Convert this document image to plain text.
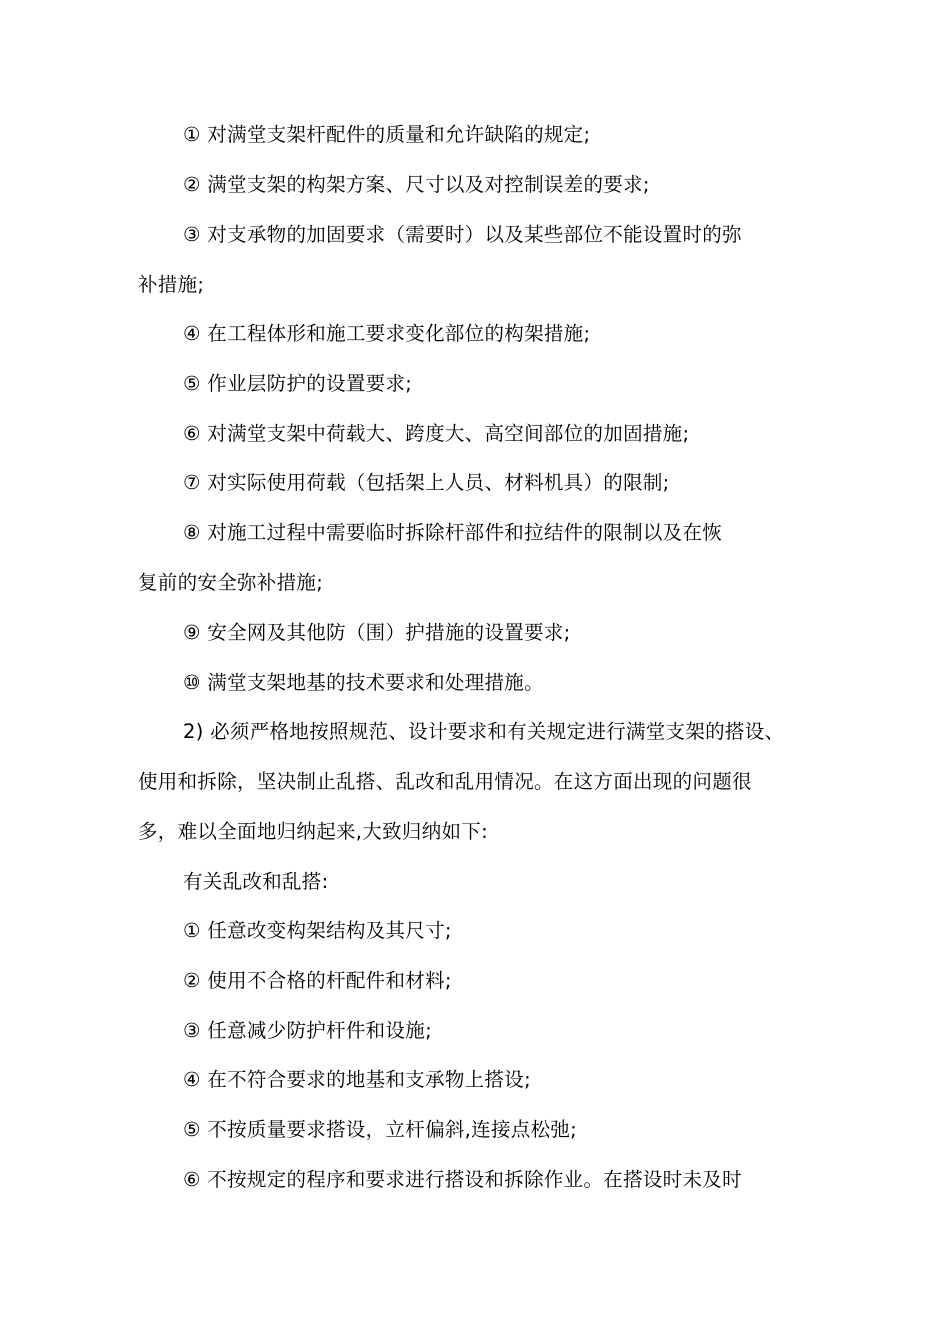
① 对满堂支架杆配件的质量和允许缺陷的规定;
② 满堂支架的构架方案、尺寸以及对控制误差的要求;
③ 对支承物的加固要求（需要时）以及某些部位不能设置时的弥
补措施;
④ 在工程体形和施工要求变化部位的构架措施;
⑤ 作业层防护的设置要求;
⑥ 对满堂支架中荷载大、跨度大、高空间部位的加固措施;
⑦ 对实际使用荷载（包括架上人员、材料机具）的限制;
⑧ 对施工过程中需要临时拆除杆部件和拉结件的限制以及在恢
复前的安全弥补措施;
⑨ 安全网及其他防（围）护措施的设置要求;
⑩ 满堂支架地基的技术要求和处理措施。
2) 必须严格地按照规范、设计要求和有关规定进行满堂支架的搭设、
使用和拆除，坚决制止乱搭、乱改和乱用情况。在这方面出现的问题很
多，难以全面地归纳起来,大致归纳如下:
有关乱改和乱搭:
① 任意改变构架结构及其尺寸;
② 使用不合格的杆配件和材料;
③ 任意减少防护杆件和设施;
④ 在不符合要求的地基和支承物上搭设;
⑤ 不按质量要求搭设，立杆偏斜,连接点松弛;
⑥ 不按规定的程序和要求进行搭设和拆除作业。在搭设时未及时
